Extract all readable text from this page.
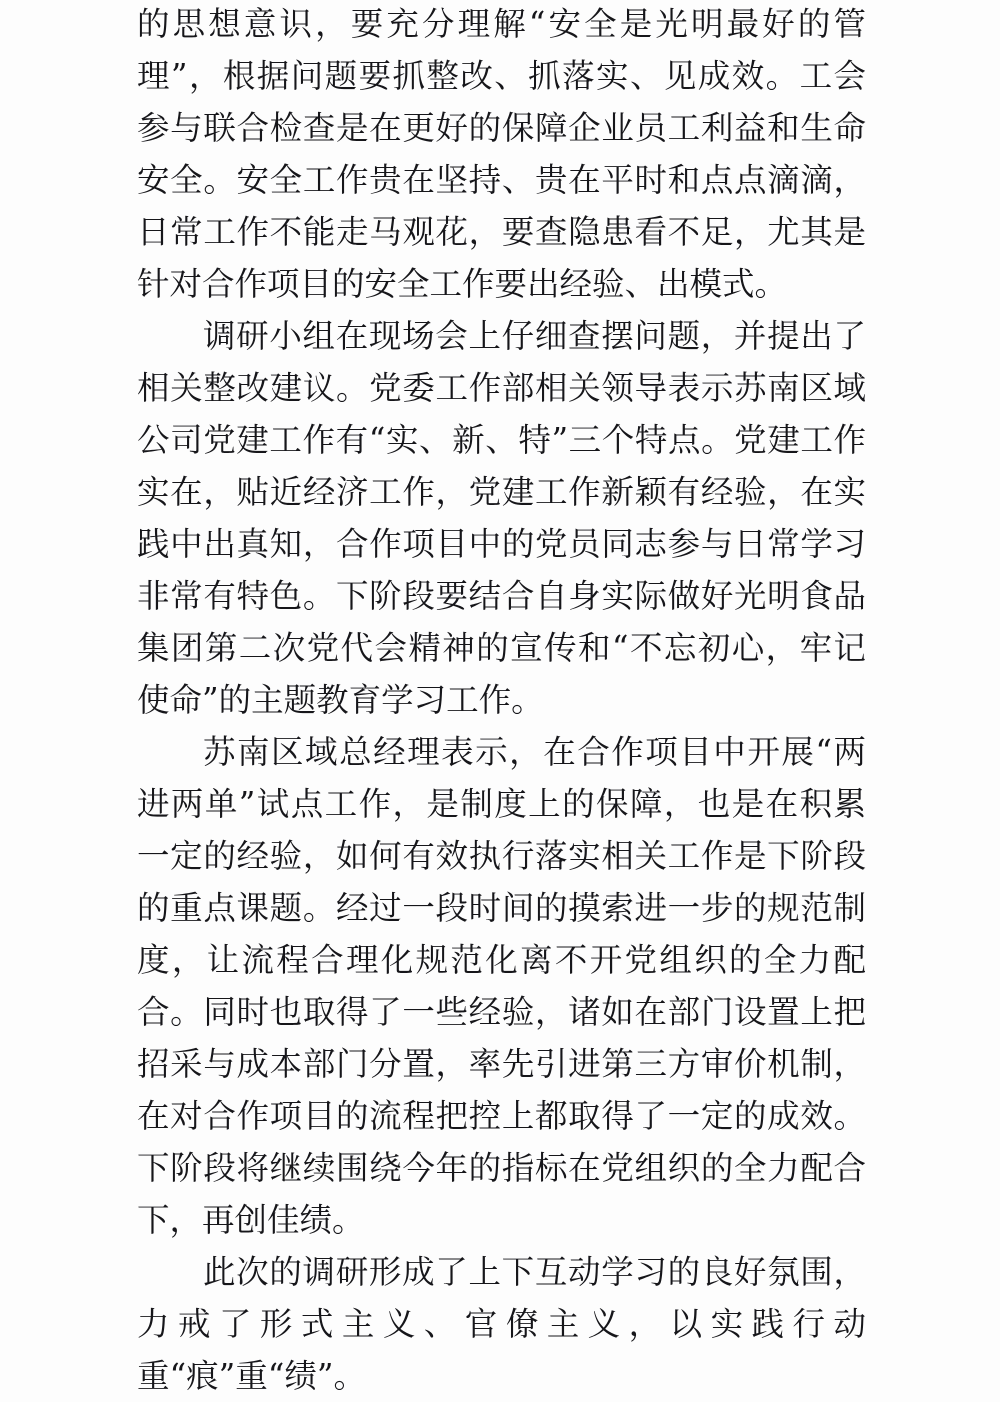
的思想意识，要充分理解“安全是光明最好的管理”，根据问题要抓整改、抓落实、见成效。工会参与联合检查是在更好的保障企业员工利益和生命安全。安全工作贵在坚持、贵在平时和点点滴滴，日常工作不能走马观花，要查隐患看不足，尤其是针对合作项目的安全工作要出经验、出模式。

调研小组在现场会上仔细查摆问题，并提出了相关整改建议。党委工作部相关领导表示苏南区域公司党建工作有“实、新、特”三个特点。党建工作实在，贴近经济工作，党建工作新颖有经验，在实践中出真知，合作项目中的党员同志参与日常学习非常有特色。下阶段要结合自身实际做好光明食品集团第二次党代会精神的宣传和“不忘初心，牢记使命”的主题教育学习工作。

苏南区域总经理表示，在合作项目中开展“两进两单”试点工作，是制度上的保障，也是在积累一定的经验，如何有效执行落实相关工作是下阶段的重点课题。经过一段时间的摸索进一步的规范制度，让流程合理化规范化离不开党组织的全力配合。同时也取得了一些经验，诸如在部门设置上把招采与成本部门分置，率先引进第三方审价机制，在对合作项目的流程把控上都取得了一定的成效。下阶段将继续围绕今年的指标在党组织的全力配合下，再创佳绩。

此次的调研形成了上下互动学习的良好氛围，力戒了形式主义、官僚主义，以实践行动重“痕”重“绩”。
